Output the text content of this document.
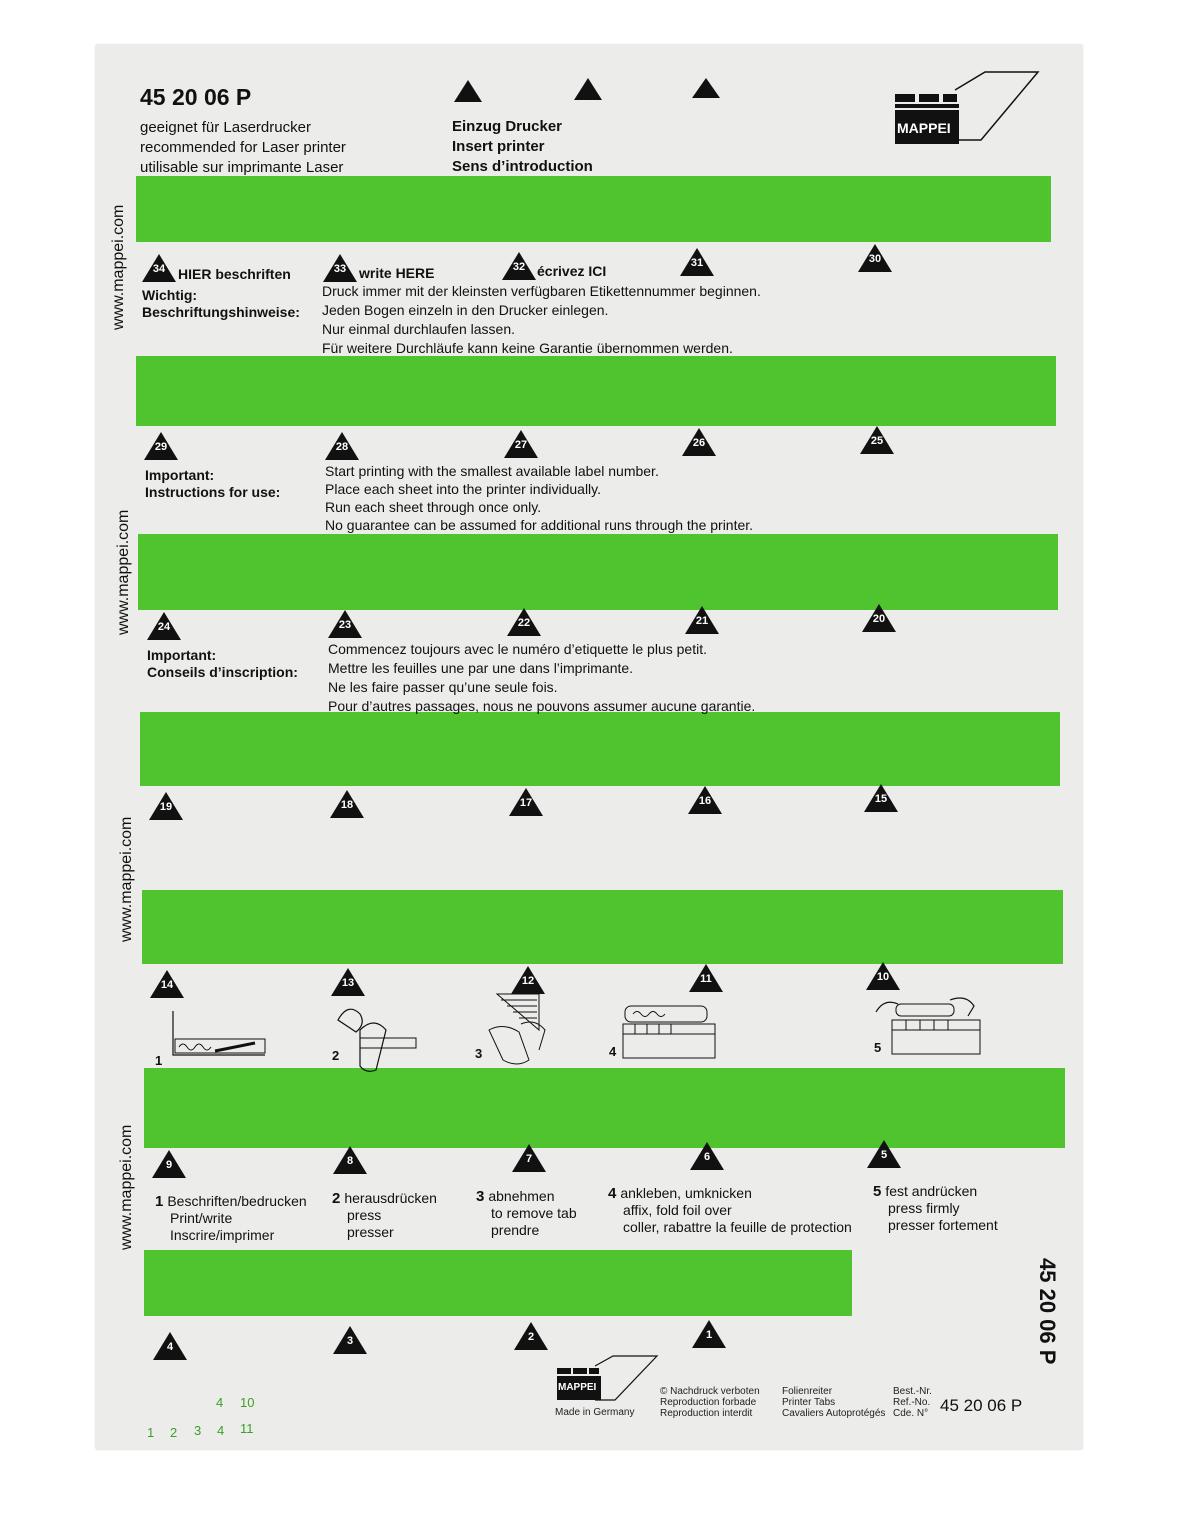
45 20 06 P
geeignet für Laserdrucker
recommended for Laser printer
utilisable sur imprimante Laser
Einzug Drucker
Insert printer
Sens d’introduction
MAPPEI
www.mappei.com
www.mappei.com
www.mappei.com
www.mappei.com
34	33	32	31	30
HIER beschriften	write HERE	écrivez ICI
Wichtig:
Beschriftungshinweise:
Druck immer mit der kleinsten verfügbaren Etikettennummer beginnen.
Jeden Bogen einzeln in den Drucker einlegen.
Nur einmal durchlaufen lassen.
Für weitere Durchläufe kann keine Garantie übernommen werden.
29	28	27	26	25
Important:
Instructions for use:
Start printing with the smallest available label number.
Place each sheet into the printer individually.
Run each sheet through once only.
No guarantee can be assumed for additional runs through the printer.
24	23	22	21	20
Important:
Conseils d’inscription:
Commencez toujours avec le numéro d’etiquette le plus petit.
Mettre les feuilles une par une dans l’imprimante.
Ne les faire passer qu’une seule fois.
Pour d’autres passages, nous ne pouvons assumer aucune garantie.
19	18	17	16	15
14	13	12	11	10
1	2	3	4	5
9	8	7	6	5
1 Beschriften/bedrucken
Print/write
Inscrire/imprimer
2 herausdrücken
press
presser
3 abnehmen
to remove tab
prendre
4 ankleben, umknicken
affix, fold foil over
coller, rabattre la feuille de protection
5 fest andrücken
press firmly
presser fortement
4	3	2	1	45 20 06 P
MAPPEI
Made in Germany
© Nachdruck verboten
Reproduction forbade
Reproduction interdit
Folienreiter
Printer Tabs
Cavaliers Autoprotégés
Best.-Nr.
Ref.-No.
Cde. N° 45 20 06 P
4 10
1 2 3 4 11
